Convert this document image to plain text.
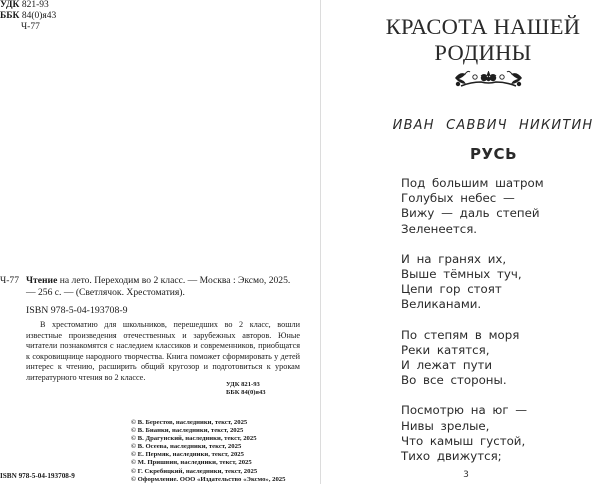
УДК 821-93
ББК 84(0)я43
Ч-77
Ч-77 Чтение на лето. Переходим во 2 класс. — Москва : Эксмо, 2025. — 256 с. — (Светлячок. Хрестоматия).
ISBN 978-5-04-193708-9

В хрестоматию для школьников, перешедших во 2 класс, вошли известные произведения отечественных и зарубежных авторов. Юные читатели познакомятся с наследием классиков и современников, приобщатся к сокровищнице народного творчества. Книга поможет сформировать у детей интерес к чтению, расширить общий кругозор и подготовиться к урокам литературного чтения во 2 классе.

УДК 821-93
ББК 84(0)я43
© В. Берестов, наследники, текст, 2025
© В. Бианки, наследники, текст, 2025
© В. Драгунский, наследники, текст, 2025
© В. Осеева, наследники, текст, 2025
© Е. Пермяк, наследники, текст, 2025
© М. Пришвин, наследники, текст, 2025
© Г. Скребицкий, наследники, текст, 2025
© Оформление. ООО «Издательство «Эксмо», 2025
ISBN 978-5-04-193708-9
КРАСОТА НАШЕЙ
РОДИНЫ
ИВАН САВВИЧ НИКИТИН
РУСЬ
Под большим шатром
Голубых небес —
Вижу — даль степей
Зеленеется.
И на гранях их,
Выше тёмных туч,
Цепи гор стоят
Великанами.
По степям в моря
Реки катятся,
И лежат пути
Во все стороны.
Посмотрю на юг —
Нивы зрелые,
Что камыш густой,
Тихо движутся;
3
